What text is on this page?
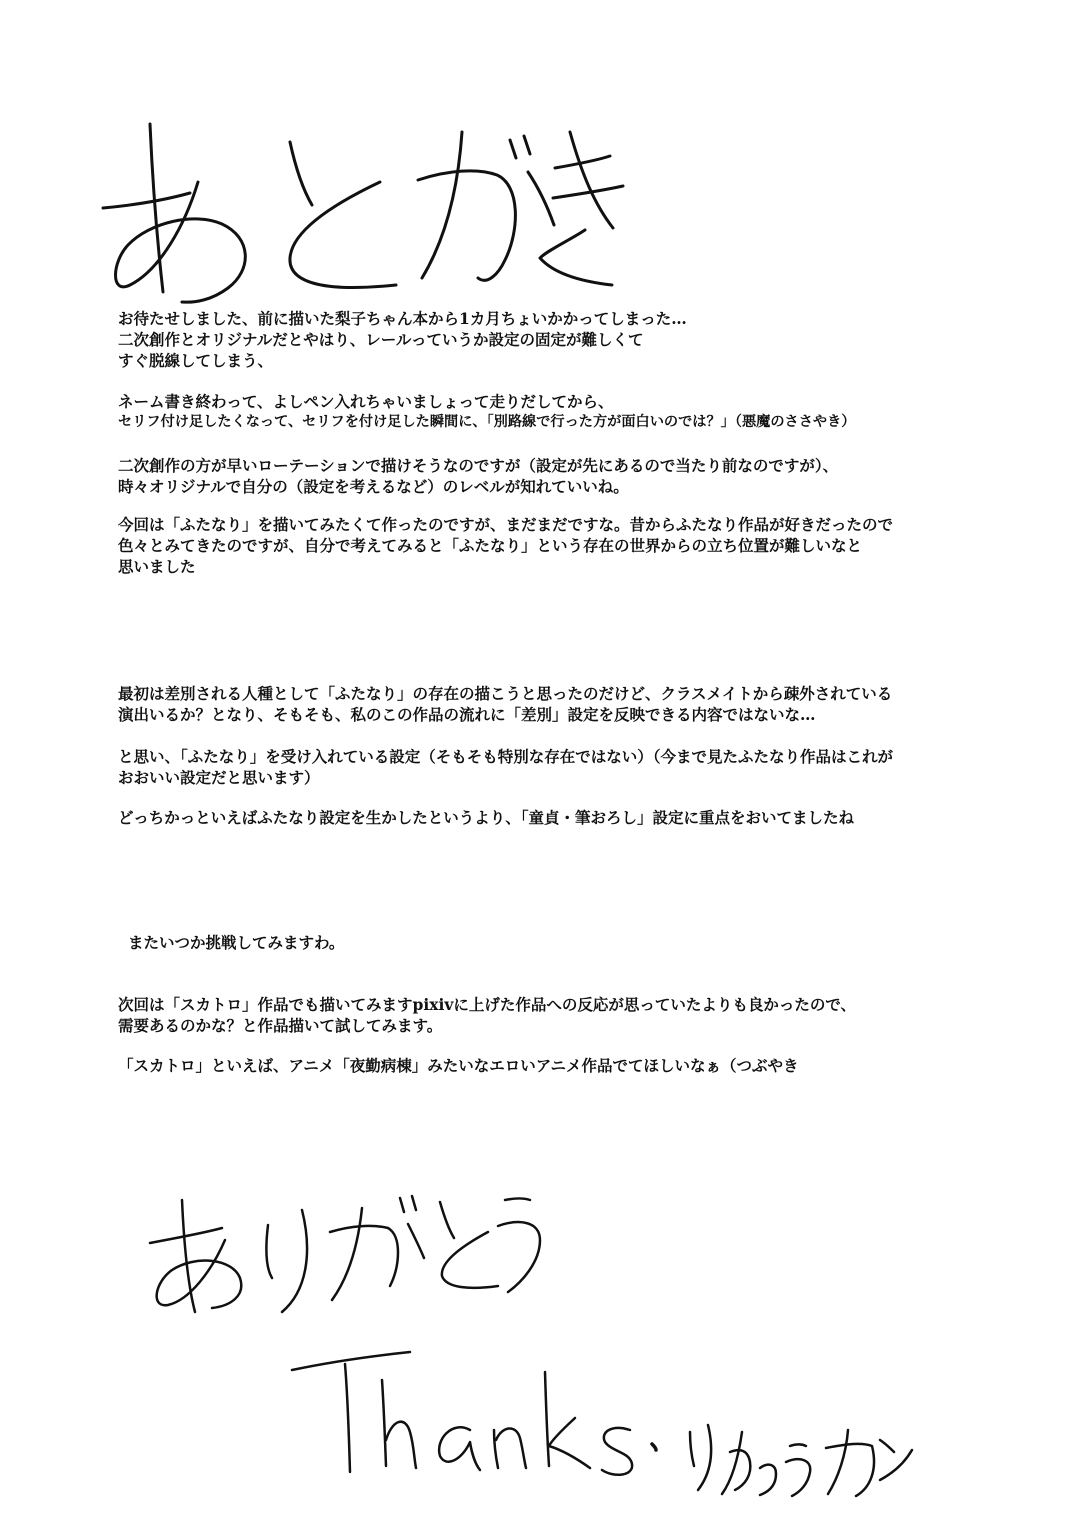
お待たせしました、前に描いた梨子ちゃん本から1カ月ちょいかかってしまった…
二次創作とオリジナルだとやはり、レールっていうか設定の固定が難しくて
すぐ脱線してしまう、
ネーム書き終わって、よしペン入れちゃいましょって走りだしてから、
セリフ付け足したくなって、セリフを付け足した瞬間に、「別路線で行った方が面白いのでは？」（悪魔のささやき）
二次創作の方が早いローテーションで描けそうなのですが（設定が先にあるので当たり前なのですが）、
時々オリジナルで自分の（設定を考えるなど）のレベルが知れていいね。
今回は「ふたなり」を描いてみたくて作ったのですが、まだまだですな。昔からふたなり作品が好きだったので
色々とみてきたのですが、自分で考えてみると「ふたなり」という存在の世界からの立ち位置が難しいなと
思いました
最初は差別される人種として「ふたなり」の存在の描こうと思ったのだけど、クラスメイトから疎外されている
演出いるか？となり、そもそも、私のこの作品の流れに「差別」設定を反映できる内容ではないな…
と思い、「ふたなり」を受け入れている設定（そもそも特別な存在ではない）（今まで見たふたなり作品はこれが
おおいい設定だと思います）
どっちかっといえばふたなり設定を生かしたというより、「童貞・筆おろし」設定に重点をおいてましたね
またいつか挑戦してみますわ。
次回は「スカトロ」作品でも描いてみますpixivに上げた作品への反応が思っていたよりも良かったので、
需要あるのかな？と作品描いて試してみます。
「スカトロ」といえば、アニメ「夜勤病棟」みたいなエロいアニメ作品でてほしいなぁ（つぶやき
